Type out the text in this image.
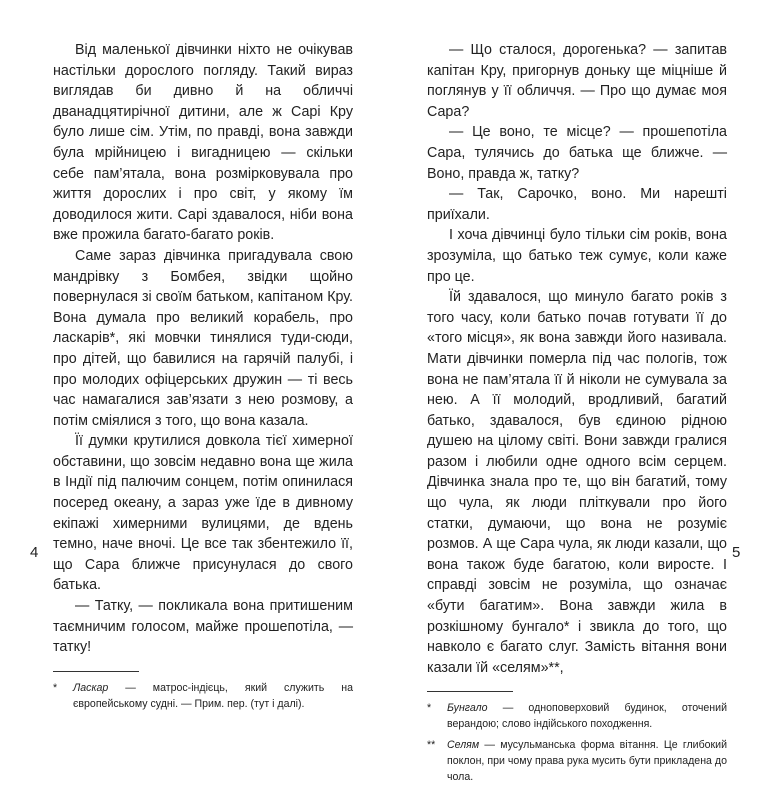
Від маленької дівчинки ніхто не очікував настільки дорослого погляду. Такий вираз виглядав би дивно й на обличчі дванадцятирічної дитини, але ж Сарі Кру було лише сім. Утім, по правді, вона завжди була мрійницею і вигадницею — скільки себе пам’ятала, вона розмірковувала про життя дорослих і про світ, у якому їм доводилося жити. Сарі здавалося, ніби вона вже прожила багато-багато років.

Саме зараз дівчинка пригадувала свою мандрівку з Бомбея, звідки щойно повернулася зі своїм батьком, капітаном Кру. Вона думала про великий корабель, про ласкарів*, які мовчки тинялися туди-сюди, про дітей, що бавилися на гарячій палубі, і про молодих офіцерських дружин — ті весь час намагалися зав’язати з нею розмову, а потім сміялися з того, що вона казала.

Її думки крутилися довкола тієї химерної обставини, що зовсім недавно вона ще жила в Індії під палючим сонцем, потім опинилася посеред океану, а зараз уже їде в дивному екіпажі химерними вулицями, де вдень темно, наче вночі. Це все так збентежило її, що Сара ближче присунулася до свого батька.

— Татку, — покликала вона притишеним таємничим голосом, майже прошепотіла, — татку!

* Ласкар — матрос-індієць, який служить на європейському судні. — Прим. пер. (тут і далі).

— Що сталося, дорогенька? — запитав капітан Кру, пригорнув доньку ще міцніше й поглянув у її обличчя. — Про що думає моя Сара?

— Це воно, те місце? — прошепотіла Сара, тулячись до батька ще ближче. — Воно, правда ж, татку?

— Так, Сарочко, воно. Ми нарешті приїхали.

І хоча дівчинці було тільки сім років, вона зрозуміла, що батько теж сумує, коли каже про це.

Їй здавалося, що минуло багато років з того часу, коли батько почав готувати її до «того місця», як вона завжди його називала. Мати дівчинки померла під час пологів, тож вона не пам’ятала її й ніколи не сумувала за нею. А її молодий, вродливий, багатий батько, здавалося, був єдиною рідною душею на цілому світі. Вони завжди гралися разом і любили одне одного всім серцем. Дівчинка знала про те, що він багатий, тому що чула, як люди пліткували про його статки, думаючи, що вона не розуміє розмов. А ще Сара чула, як люди казали, що вона також буде багатою, коли виросте. І справді зовсім не розуміла, що означає «бути багатим». Вона завжди жила в розкішному бунгало* і звикла до того, що навколо є багато слуг. Замість вітання вони казали їй «селям»**,

* Бунгало — одноповерховий будинок, оточений верандою; слово індійського походження.

** Селям — мусульманська форма вітання. Це глибокий поклон, при чому права рука мусить бути прикладена до чола.

4	5
